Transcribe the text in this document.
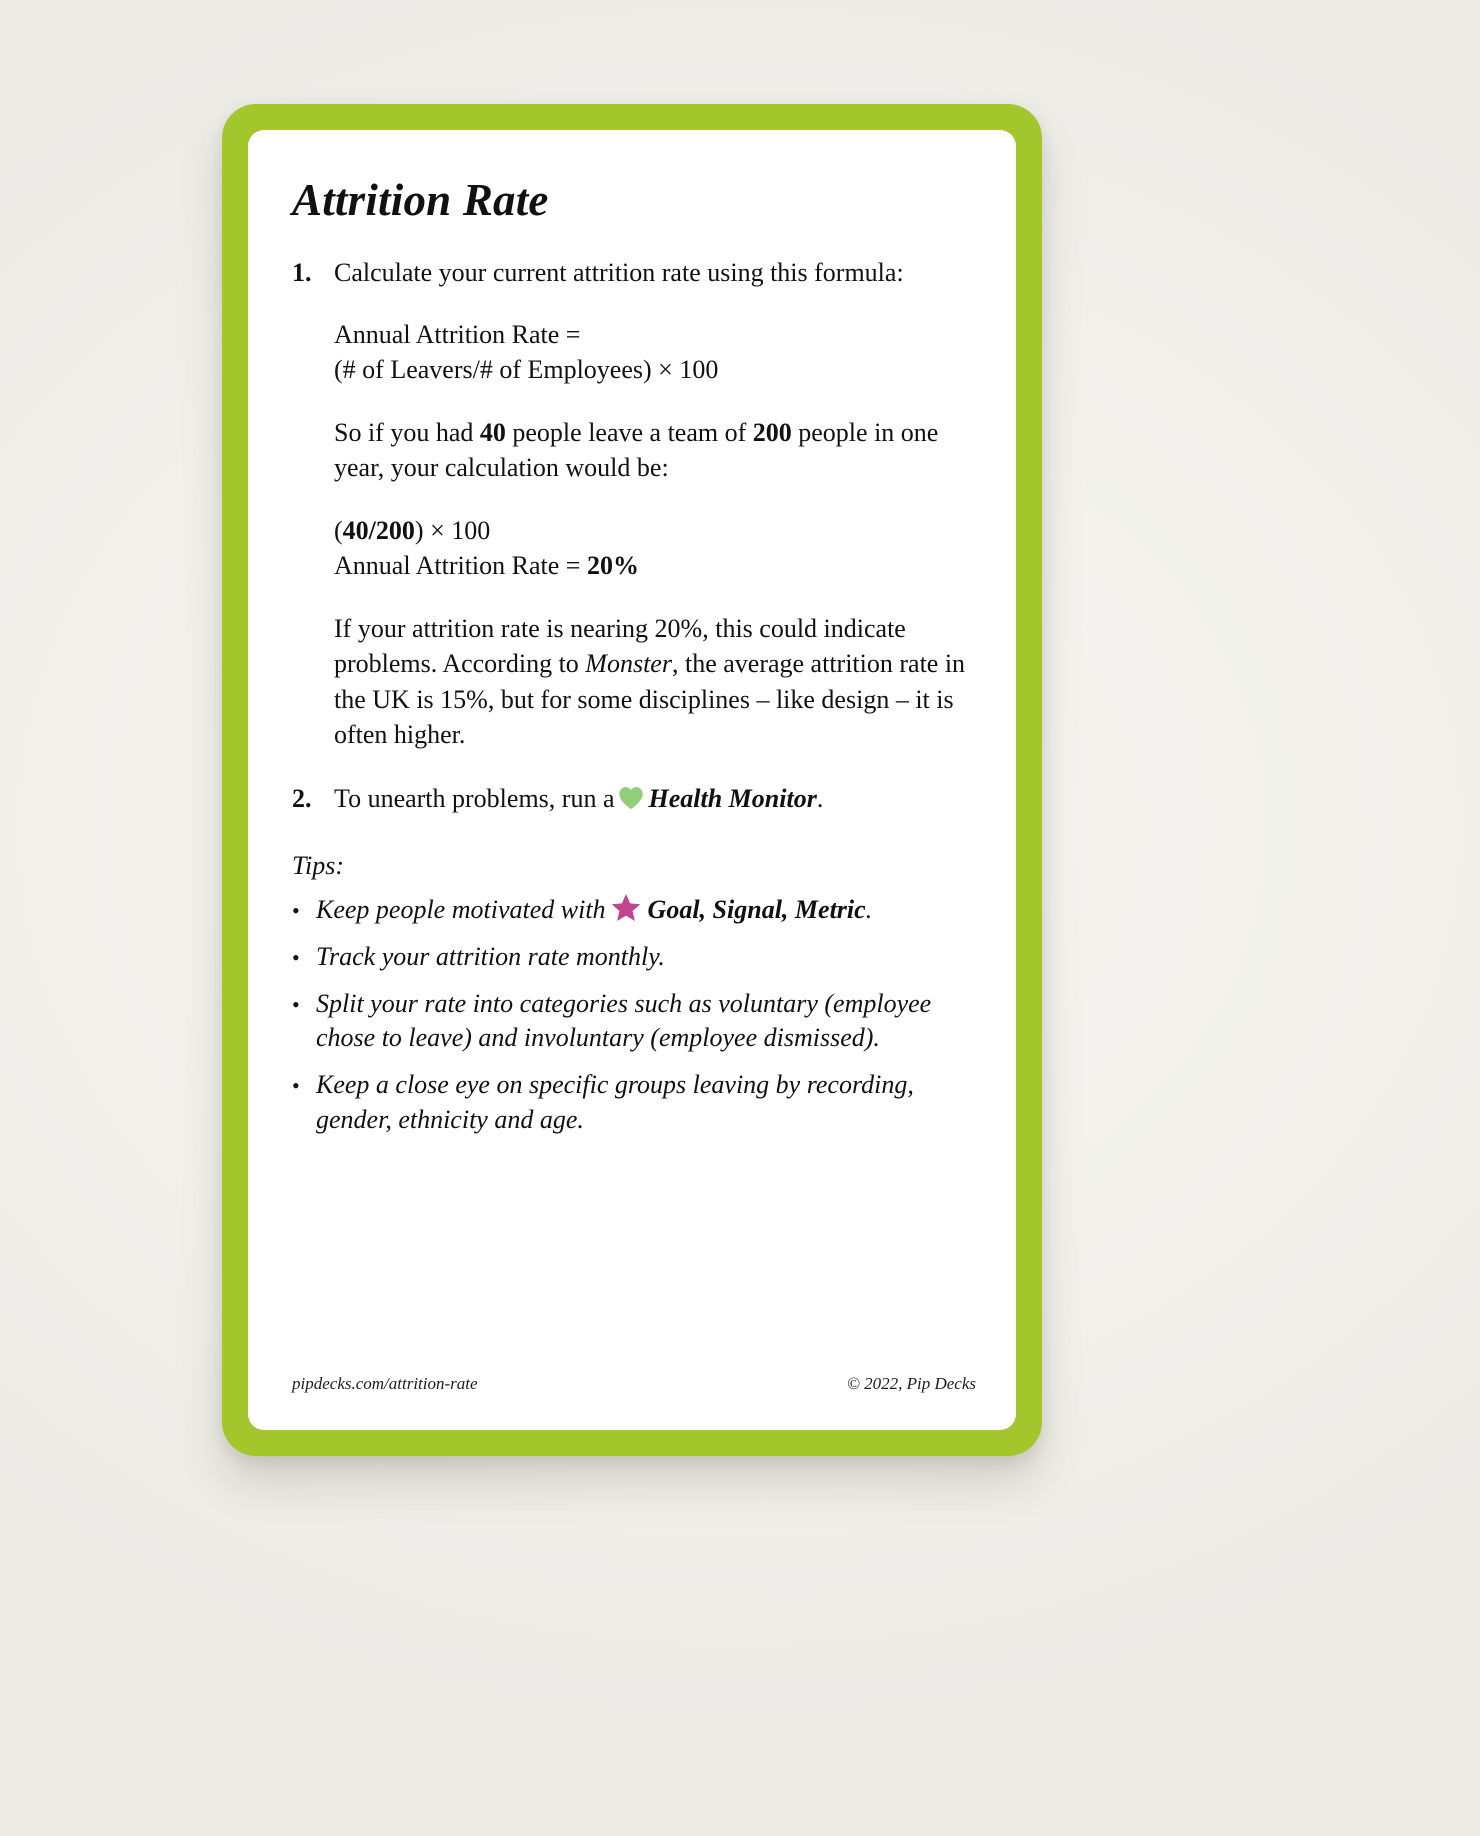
Attrition Rate
1. Calculate your current attrition rate using this formula:
Annual Attrition Rate =
(# of Leavers/# of Employees) × 100
So if you had 40 people leave a team of 200 people in one year, your calculation would be:
(40/200) × 100
Annual Attrition Rate = 20%
If your attrition rate is nearing 20%, this could indicate problems. According to Monster, the average attrition rate in the UK is 15%, but for some disciplines – like design – it is often higher.
2. To unearth problems, run a Health Monitor.
Tips:
• Keep people motivated with Goal, Signal, Metric.
• Track your attrition rate monthly.
• Split your rate into categories such as voluntary (employee chose to leave) and involuntary (employee dismissed).
• Keep a close eye on specific groups leaving by recording, gender, ethnicity and age.
pipdecks.com/attrition-rate	© 2022, Pip Decks
